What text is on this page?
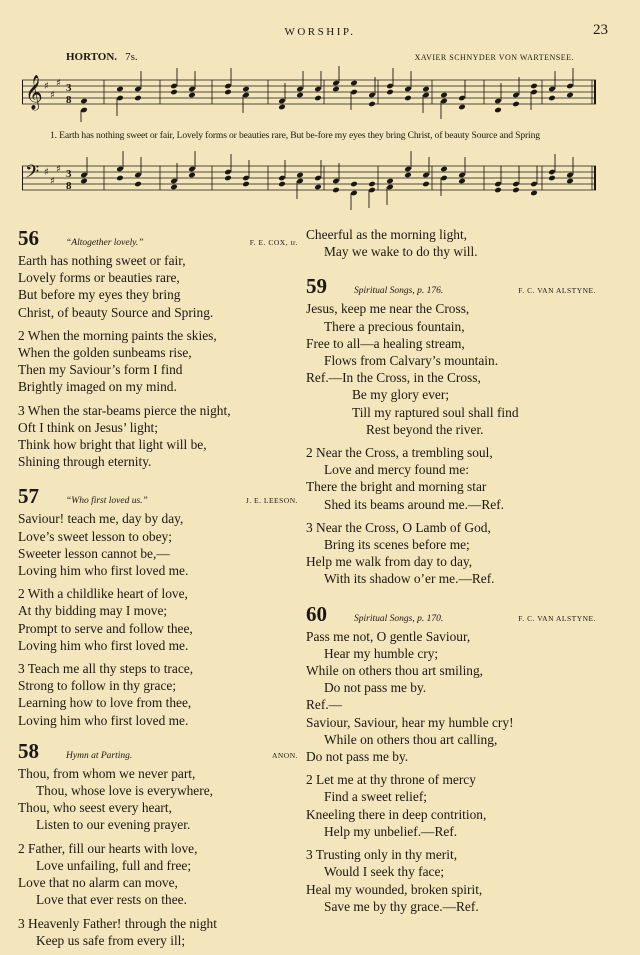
WORSHIP.	23
HORTON. 7s.	XAVIER SCHNYDER VON WARTENSEE.
𝄞 ♯
♯
♯ 3
8
1. Earth has nothing sweet or fair, Lovely forms or beauties rare, But be-fore my eyes they bring Christ, of beauty Source and Spring
𝄢 ♯
♯
♯ 3
8
56	“Altogether lovely.”	F. E. COX, tr.
Earth has nothing sweet or fair,
Lovely forms or beauties rare,
But before my eyes they bring
Christ, of beauty Source and Spring.
2 When the morning paints the skies,
When the golden sunbeams rise,
Then my Saviour’s form I find
Brightly imaged on my mind.
3 When the star-beams pierce the night,
Oft I think on Jesus’ light;
Think how bright that light will be,
Shining through eternity.
57	“Who first loved us.”	J. E. LEESON.
Saviour! teach me, day by day,
Love’s sweet lesson to obey;
Sweeter lesson cannot be,—
Loving him who first loved me.
2 With a childlike heart of love,
At thy bidding may I move;
Prompt to serve and follow thee,
Loving him who first loved me.
3 Teach me all thy steps to trace,
Strong to follow in thy grace;
Learning how to love from thee,
Loving him who first loved me.
58	Hymn at Parting.	ANON.
Thou, from whom we never part,
Thou, whose love is everywhere,
Thou, who seest every heart,
Listen to our evening prayer.
2 Father, fill our hearts with love,
Love unfailing, full and free;
Love that no alarm can move,
Love that ever rests on thee.
3 Heavenly Father! through the night
Keep us safe from every ill;
Cheerful as the morning light,
May we wake to do thy will.
59	Spiritual Songs, p. 176.	F. C. VAN ALSTYNE.
Jesus, keep me near the Cross,
There a precious fountain,
Free to all—a healing stream,
Flows from Calvary’s mountain.
Ref.—In the Cross, in the Cross,
Be my glory ever;
Till my raptured soul shall find
Rest beyond the river.
2 Near the Cross, a trembling soul,
Love and mercy found me:
There the bright and morning star
Shed its beams around me.—Ref.
3 Near the Cross, O Lamb of God,
Bring its scenes before me;
Help me walk from day to day,
With its shadow o’er me.—Ref.
60	Spiritual Songs, p. 170.	F. C. VAN ALSTYNE.
Pass me not, O gentle Saviour,
Hear my humble cry;
While on others thou art smiling,
Do not pass me by.
Ref.—
Saviour, Saviour, hear my humble cry!
While on others thou art calling,
Do not pass me by.
2 Let me at thy throne of mercy
Find a sweet relief;
Kneeling there in deep contrition,
Help my unbelief.—Ref.
3 Trusting only in thy merit,
Would I seek thy face;
Heal my wounded, broken spirit,
Save me by thy grace.—Ref.
